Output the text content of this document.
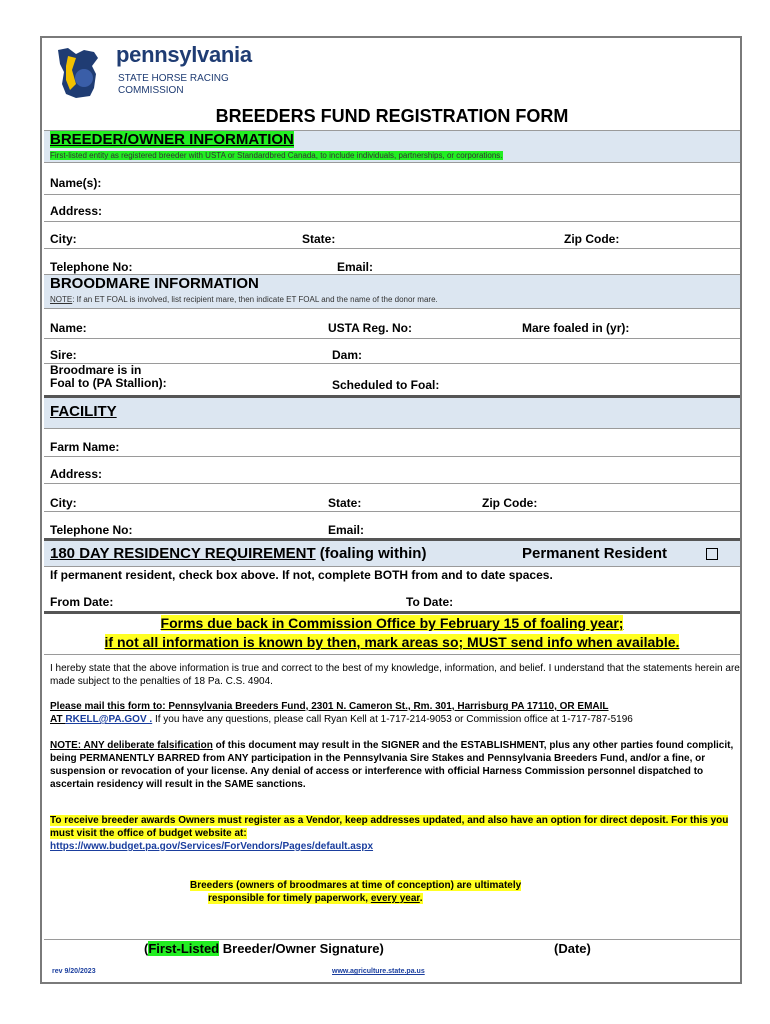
pennsylvania
STATE HORSE RACING
COMMISSION
BREEDERS FUND REGISTRATION FORM
BREEDER/OWNER INFORMATION
First-listed entity as registered breeder with USTA or Standardbred Canada, to include individuals, partnerships, or corporations.
Name(s):
Address:
City:	State:	Zip Code:
Telephone No:	Email:
BROODMARE INFORMATION
NOTE: If an ET FOAL is involved, list recipient mare, then indicate ET FOAL and the name of the donor mare.
Name:	USTA Reg. No:	Mare foaled in (yr):
Sire:	Dam:
Broodmare is in
Foal to (PA Stallion):	Scheduled to Foal:
FACILITY
Farm Name:
Address:
City:	State:	Zip Code:
Telephone No:	Email:
180 DAY RESIDENCY REQUIREMENT (foaling within)	Permanent Resident
If permanent resident, check box above. If not, complete BOTH from and to date spaces.
From Date:	To Date:
Forms due back in Commission Office by February 15 of foaling year;
if not all information is known by then, mark areas so; MUST send info when available.
I hereby state that the above information is true and correct to the best of my knowledge, information, and belief. I understand that the statements herein are made subject to the penalties of 18 Pa. C.S. 4904.
Please mail this form to: Pennsylvania Breeders Fund, 2301 N. Cameron St., Rm. 301, Harrisburg PA 17110, OR EMAIL
AT RKELL@PA.GOV . If you have any questions, please call Ryan Kell at 1-717-214-9053 or Commission office at 1-717-787-5196
NOTE: ANY deliberate falsification of this document may result in the SIGNER and the ESTABLISHMENT, plus any other parties found complicit, being PERMANENTLY BARRED from ANY participation in the Pennsylvania Sire Stakes and Pennsylvania Breeders Fund, and/or a fine, or suspension or revocation of your license. Any denial of access or interference with official Harness Commission personnel dispatched to ascertain residency will result in the SAME sanctions.
To receive breeder awards Owners must register as a Vendor, keep addresses updated, and also have an option for direct deposit. For this you must visit the office of budget website at:
https://www.budget.pa.gov/Services/ForVendors/Pages/default.aspx
Breeders (owners of broodmares at time of conception) are ultimately
responsible for timely paperwork, every year.
(First-Listed Breeder/Owner Signature)	(Date)
rev 9/20/2023	www.agriculture.state.pa.us
